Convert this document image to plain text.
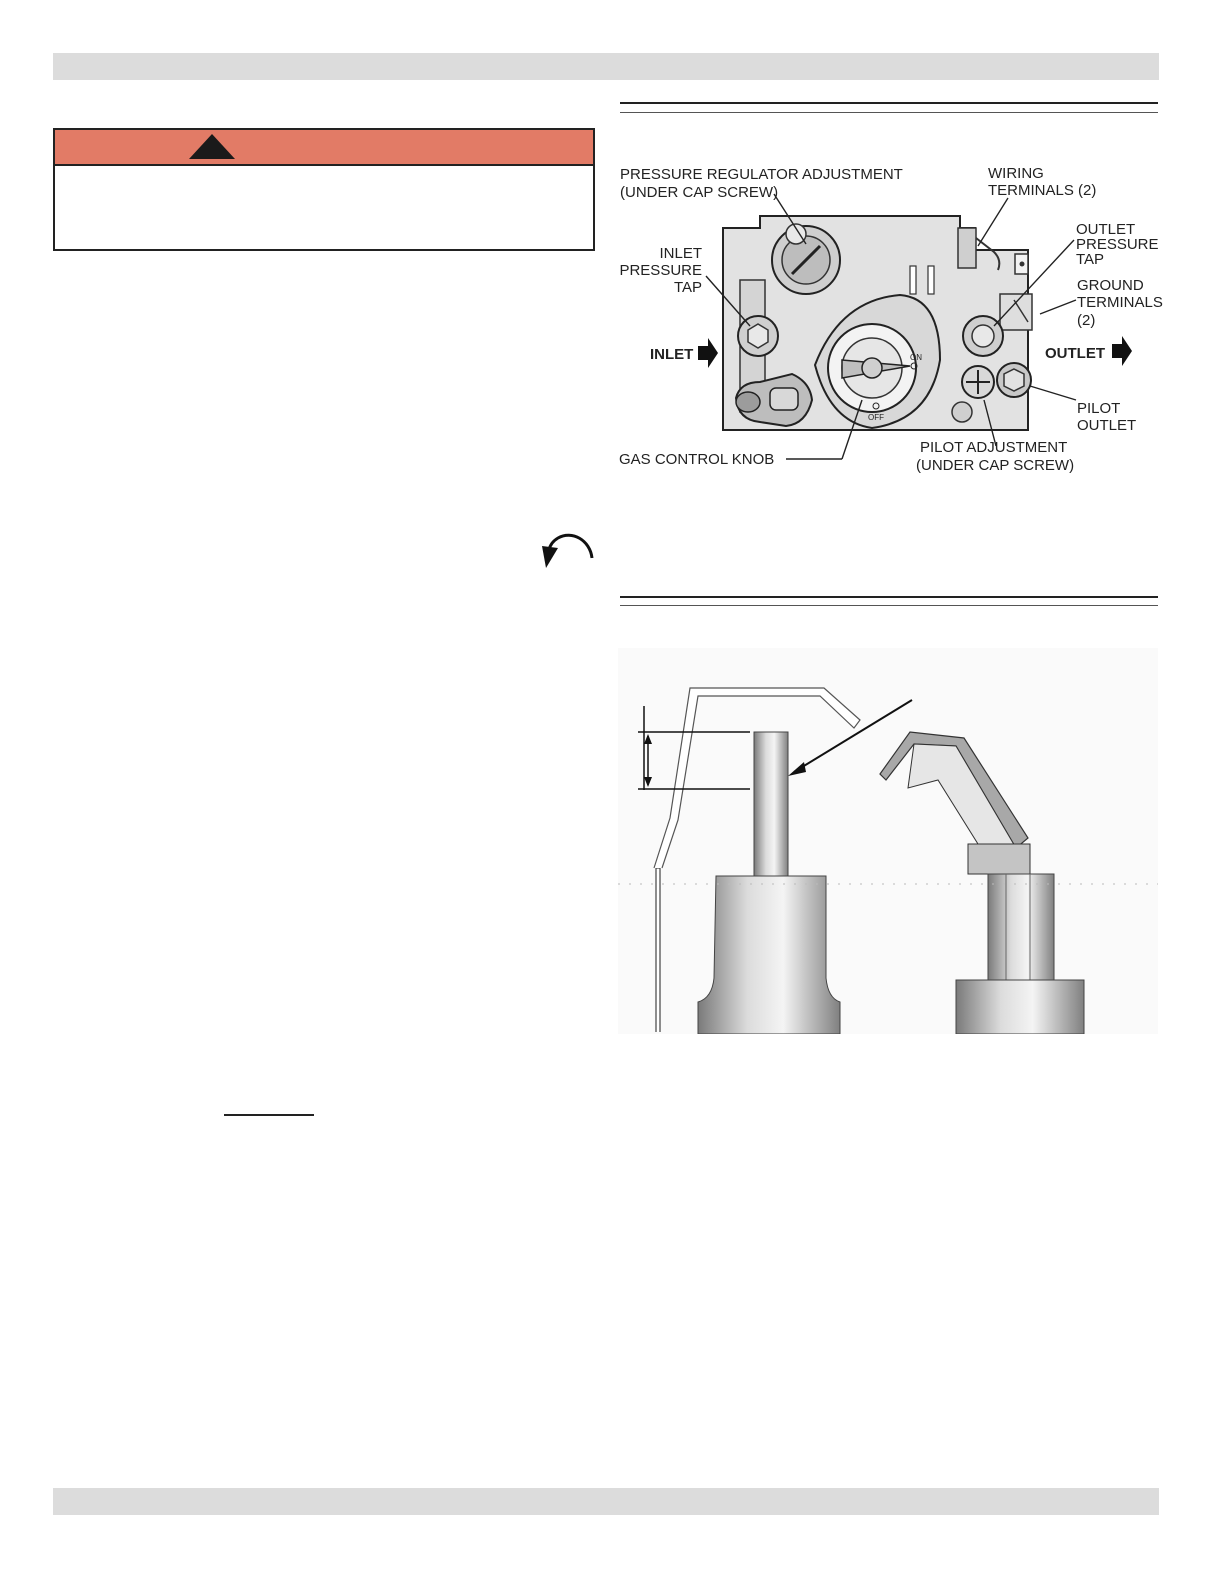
ON
OFF
PRESSURE REGULATOR ADJUSTMENT
(UNDER CAP SCREW)
WIRING
TERMINALS (2)
INLET
PRESSURE
TAP
OUTLET
PRESSURE
TAP
GROUND
TERMINALS
(2)
INLET	OUTLET
PILOT
OUTLET
GAS CONTROL KNOB
PILOT ADJUSTMENT
(UNDER CAP SCREW)
